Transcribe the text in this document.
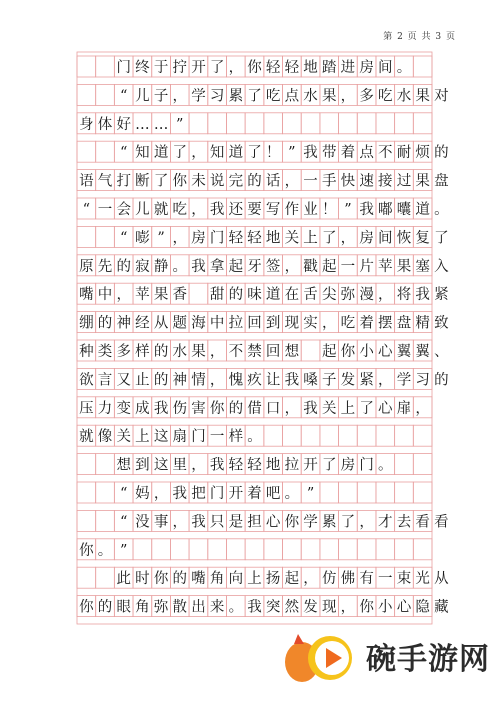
第 2 页 共 3 页
门 终 于 拧 开 了 ， 你 轻 轻 地 踏 进 房 间 。
“ 儿 子 ， 学 习 累 了 吃 点 水 果 ， 多 吃 水 果 对
身 体 好 … … ”
“ 知 道 了 ， 知 道 了 ！ ” 我 带 着 点 不 耐 烦 的
语 气 打 断 了 你 未 说 完 的 话 ， 一 手 快 速 接 过 果 盘
“ 一 会 儿 就 吃 ， 我 还 要 写 作 业 ！ ” 我 嘟 囔 道 。
“ 嘭 ” ， 房 门 轻 轻 地 关 上 了 ， 房 间 恢 复 了
原 先 的 寂 静 。 我 拿 起 牙 签 ， 戳 起 一 片 苹 果 塞 入
嘴 中 ， 苹 果 香
　 甜 的 味 道 在 舌 尖 弥 漫 ， 将 我 紧
绷 的 神 经 从 题 海 中 拉 回 到 现 实 ， 吃 着 摆 盘 精 致
种 类 多 样 的 水 果 ， 不 禁 回 想
　 起 你 小 心 翼 翼 、
欲 言 又 止 的 神 情 ， 愧 疚 让 我 嗓 子 发 紧 ， 学 习 的
压 力 变 成 我 伤 害 你 的 借 口 ， 我 关 上 了 心 扉 ，
就 像 关 上 这 扇 门 一 样 。
想 到 这 里 ， 我 轻 轻 地 拉 开 了 房 门 。
“ 妈 ， 我 把 门 开 着 吧 。 ”
“ 没 事 ， 我 只 是 担 心 你 学 累 了 ， 才 去 看 看
你 。 ”
此 时 你 的 嘴 角 向 上 扬 起 ， 仿 佛 有 一 束 光 从
你 的 眼 角 弥 散 出 来 。 我 突 然 发 现 ， 你 小 心 隐 藏
碗手游网
